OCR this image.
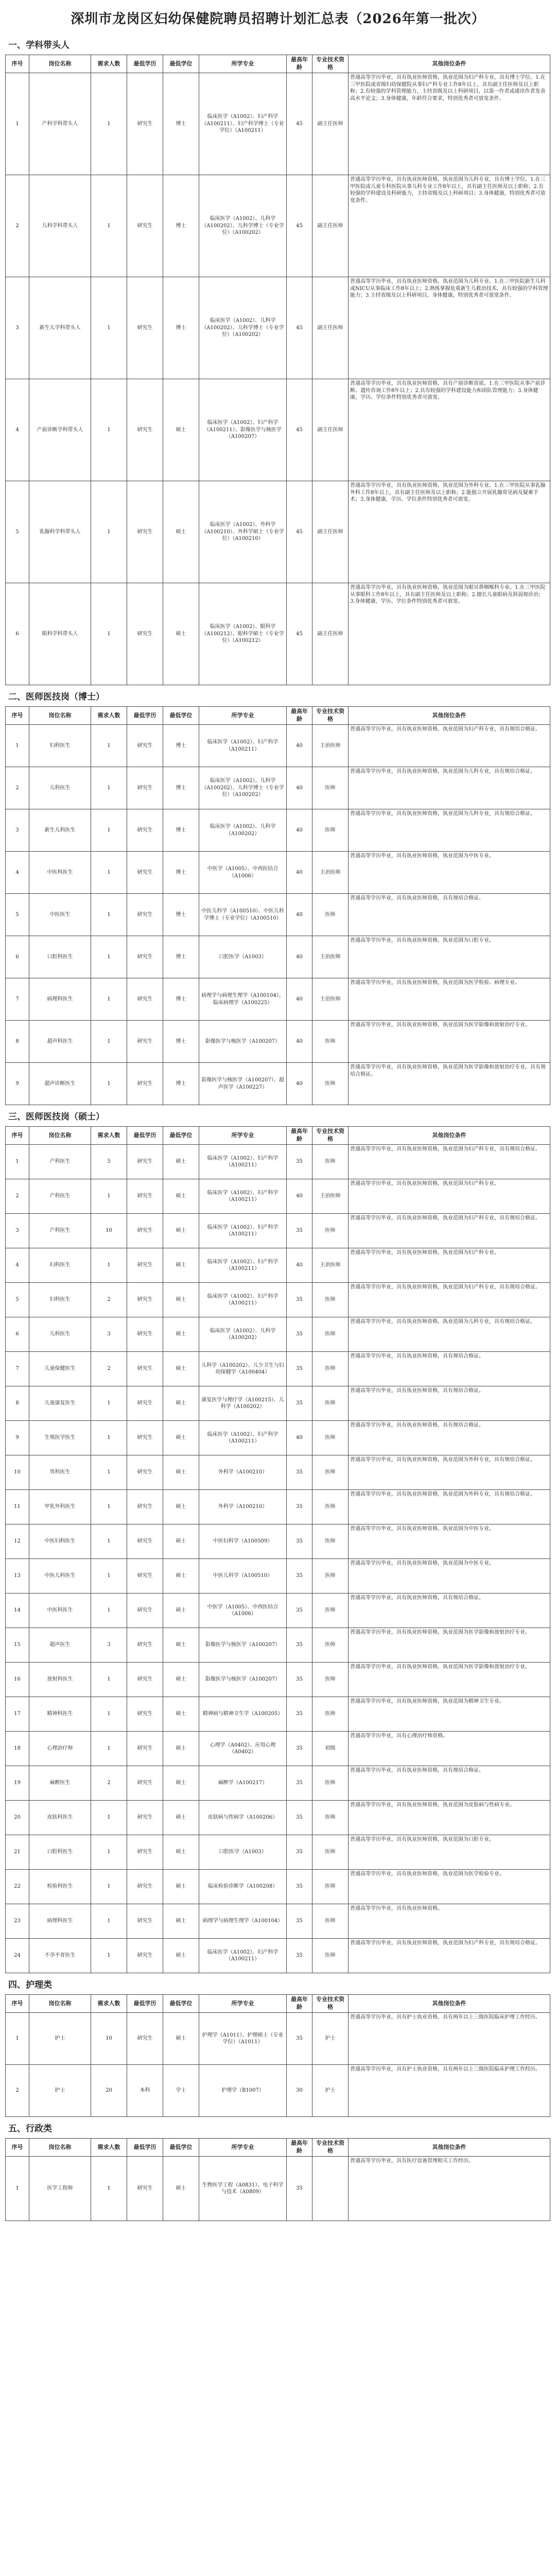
深圳市龙岗区妇幼保健院聘员招聘计划汇总表（2026年第一批次）
一、学科带头人
序号	岗位名称	需求人数	最低学历	最低学位	所学专业	最高年龄	专业技术资格	其他岗位条件
1	产科学科带头人	1	研究生	博士	临床医学（A1002）、妇产科学（A100211）、妇产科学博士（专业学位）（A100211）	45	副主任医师	普通高等学历毕业，具有执业医师资格，执业范围为妇产科专业，具有博士学位。1.在三甲医院或省级妇幼保健院从事妇产科专业工作8年以上，具有副主任医师及以上职称；2.有较强的学科管理能力，主持省级及以上科研项目，以第一作者或通讯作者发表高水平论文；3.身体健康，年龄符合要求，特别优秀者可放宽条件。
2	儿科学科带头人	1	研究生	博士	临床医学（A1002）、儿科学（A100202）、儿科学博士（专业学位）（A100202）	45	副主任医师	普通高等学历毕业，具有执业医师资格，执业范围为儿科专业，具有博士学位。1.在三甲医院或儿童专科医院从事儿科专业工作8年以上，具有副主任医师及以上职称；2.有较强的学科建设及科研能力，主持省级及以上科研项目；3.身体健康，特别优秀者可放宽条件。
3	新生儿学科带头人	1	研究生	博士	临床医学（A1002）、儿科学（A100202）、儿科学博士（专业学位）（A100202）	45	副主任医师	普通高等学历毕业，具有执业医师资格，执业范围为儿科专业。1.在三甲医院新生儿科或NICU从事临床工作8年以上；2.熟练掌握危重新生儿救治技术，具有较强的学科管理能力；3.主持省级及以上科研项目，身体健康，特别优秀者可放宽条件。
4	产前诊断学科带头人	1	研究生	硕士	临床医学（A1002）、妇产科学（A100211）、影像医学与核医学（A100207）	45	副主任医师	普通高等学历毕业，具有执业医师资格，具有产前诊断资质。1.在三甲医院从事产前诊断、遗传咨询工作8年以上；2.具有较强的学科建设能力和团队管理能力；3.身体健康，学历、学位条件特别优秀者可放宽。
5	乳腺科学科带头人	1	研究生	硕士	临床医学（A1002）、外科学（A100210）、外科学硕士（专业学位）（A100210）	45	副主任医师	普通高等学历毕业，具有执业医师资格，执业范围为外科专业。1.在三甲医院从事乳腺外科工作8年以上，具有副主任医师及以上职称；2.能独立开展乳腺常见病及疑难手术；3.身体健康，学历、学位条件特别优秀者可放宽。
6	眼科学科带头人	1	研究生	硕士	临床医学（A1002）、眼科学（A100212）、眼科学硕士（专业学位）（A100212）	45	副主任医师	普通高等学历毕业，具有执业医师资格，执业范围为眼耳鼻咽喉科专业。1.在三甲医院从事眼科工作8年以上，具有副主任医师及以上职称；2.擅长儿童眼病及斜弱视诊治；3.身体健康，学历、学位条件特别优秀者可放宽。
二、医师医技岗（博士）
序号	岗位名称	需求人数	最低学历	最低学位	所学专业	最高年龄	专业技术资格	其他岗位条件
1	妇科医生	1	研究生	博士	临床医学（A1002）、妇产科学（A100211）	40	主治医师	普通高等学历毕业，具有执业医师资格，执业范围为妇产科专业，具有规培合格证。
2	儿科医生	1	研究生	博士	临床医学（A1002）、儿科学（A100202）、儿科学博士（专业学位）（A100202）	40	医师	普通高等学历毕业，具有执业医师资格，执业范围为儿科专业，具有规培合格证。
3	新生儿科医生	1	研究生	博士	临床医学（A1002）、儿科学（A100202）	40	医师	普通高等学历毕业，具有执业医师资格，执业范围为儿科专业，具有规培合格证。
4	中医科医生	1	研究生	博士	中医学（A1005）、中西医结合（A1006）	40	主治医师	普通高等学历毕业，具有执业医师资格，执业范围为中医专业。
5	中医医生	1	研究生	博士	中医儿科学（A100510）、中医儿科学博士（专业学位）（A100510）	40	医师	普通高等学历毕业，具有执业医师资格，具有规培合格证。
6	口腔科医生	1	研究生	博士	口腔医学（A1003）	40	主治医师	普通高等学历毕业，具有执业医师资格，执业范围为口腔专业。
7	病理科医生	1	研究生	博士	病理学与病理生理学（A100104）、临床病理学（A100225）	40	主治医师	普通高等学历毕业，具有执业医师资格，执业范围为医学检验、病理专业。
8	超声科医生	1	研究生	博士	影像医学与核医学（A100207）	40	医师	普通高等学历毕业，具有执业医师资格，执业范围为医学影像和放射治疗专业。
9	超声诊断医生	1	研究生	博士	影像医学与核医学（A100207）、超声医学（A100227）	40	医师	普通高等学历毕业，具有执业医师资格，执业范围为医学影像和放射治疗专业，具有规培合格证。
三、医师医技岗（硕士）
序号	岗位名称	需求人数	最低学历	最低学位	所学专业	最高年龄	专业技术资格	其他岗位条件
1	产科医生	5	研究生	硕士	临床医学（A1002）、妇产科学（A100211）	35	医师	普通高等学历毕业，具有执业医师资格，执业范围为妇产科专业，具有规培合格证。
2	产科医生	1	研究生	硕士	临床医学（A1002）、妇产科学（A100211）	40	主治医师	普通高等学历毕业，具有执业医师资格，执业范围为妇产科专业。
3	产科医生	10	研究生	硕士	临床医学（A1002）、妇产科学（A100211）	35	医师	普通高等学历毕业，具有执业医师资格，执业范围为妇产科专业，具有规培合格证。
4	妇科医生	1	研究生	硕士	临床医学（A1002）、妇产科学（A100211）	40	主治医师	普通高等学历毕业，具有执业医师资格，执业范围为妇产科专业。
5	妇科医生	2	研究生	硕士	临床医学（A1002）、妇产科学（A100211）	35	医师	普通高等学历毕业，具有执业医师资格，执业范围为妇产科专业，具有规培合格证。
6	儿科医生	3	研究生	硕士	临床医学（A1002）、儿科学（A100202）	35	医师	普通高等学历毕业，具有执业医师资格，执业范围为儿科专业，具有规培合格证。
7	儿童保健医生	2	研究生	硕士	儿科学（A100202）、儿少卫生与妇幼保健学（A100404）	35	医师	普通高等学历毕业，具有执业医师资格，具有规培合格证。
8	儿童康复医生	1	研究生	硕士	康复医学与理疗学（A100215）、儿科学（A100202）	35	医师	普通高等学历毕业，具有执业医师资格，具有规培合格证。
9	生殖医学医生	1	研究生	硕士	临床医学（A1002）、妇产科学（A100211）	40	医师	普通高等学历毕业，具有执业医师资格，具有规培合格证。
10	男科医生	1	研究生	硕士	外科学（A100210）	35	医师	普通高等学历毕业，具有执业医师资格，执业范围为外科专业，具有规培合格证。
11	甲乳外科医生	1	研究生	硕士	外科学（A100210）	35	医师	普通高等学历毕业，具有执业医师资格，执业范围为外科专业，具有规培合格证。
12	中医妇科医生	1	研究生	硕士	中医妇科学（A100509）	35	医师	普通高等学历毕业，具有执业医师资格，执业范围为中医专业。
13	中医儿科医生	1	研究生	硕士	中医儿科学（A100510）	35	医师	普通高等学历毕业，具有执业医师资格，执业范围为中医专业。
14	中医科医生	1	研究生	硕士	中医学（A1005）、中西医结合（A1006）	35	医师	普通高等学历毕业，具有执业医师资格，具有规培合格证。
15	超声医生	3	研究生	硕士	影像医学与核医学（A100207）	35	医师	普通高等学历毕业，具有执业医师资格，执业范围为医学影像和放射治疗专业。
16	放射科医生	1	研究生	硕士	影像医学与核医学（A100207）	35	医师	普通高等学历毕业，具有执业医师资格，执业范围为医学影像和放射治疗专业。
17	精神科医生	1	研究生	硕士	精神病与精神卫生学（A100205）	35	医师	普通高等学历毕业，具有执业医师资格，执业范围为精神卫生专业。
18	心理治疗师	1	研究生	硕士	心理学（A0402）、应用心理（A0402）	35	初级	普通高等学历毕业，具有心理治疗师资格。
19	麻醉医生	2	研究生	硕士	麻醉学（A100217）	35	医师	普通高等学历毕业，具有执业医师资格，具有规培合格证。
20	皮肤科医生	1	研究生	硕士	皮肤病与性病学（A100206）	35	医师	普通高等学历毕业，具有执业医师资格，执业范围为皮肤病与性病专业。
21	口腔科医生	1	研究生	硕士	口腔医学（A1003）	35	医师	普通高等学历毕业，具有执业医师资格，执业范围为口腔专业。
22	检验科医生	1	研究生	硕士	临床检验诊断学（A100208）	35	医师	普通高等学历毕业，具有执业医师资格，执业范围为医学检验专业。
23	病理科医生	1	研究生	硕士	病理学与病理生理学（A100104）	35	医师	普通高等学历毕业，具有执业医师资格。
24	不孕不育医生	1	研究生	硕士	临床医学（A1002）、妇产科学（A100211）	35	医师	普通高等学历毕业，具有执业医师资格，执业范围为妇产科专业，具有规培合格证。
四、护理类
序号	岗位名称	需求人数	最低学历	最低学位	所学专业	最高年龄	专业技术资格	其他岗位条件
1	护士	10	研究生	硕士	护理学（A1011）、护理硕士（专业学位）（A1011）	35	护士	普通高等学历毕业，具有护士执业资格，具有两年以上三级医院临床护理工作经历。
2	护士	20	本科	学士	护理学（B1007）	30	护士	普通高等学历毕业，具有护士执业资格，具有两年以上三级医院临床护理工作经历。
五、行政类
序号	岗位名称	需求人数	最低学历	最低学位	所学专业	最高年龄	专业技术资格	其他岗位条件
1	医学工程师	1	研究生	硕士	生物医学工程（A0831）、电子科学与技术（A0809）	35		普通高等学历毕业，具有医疗设备管理相关工作经历。
